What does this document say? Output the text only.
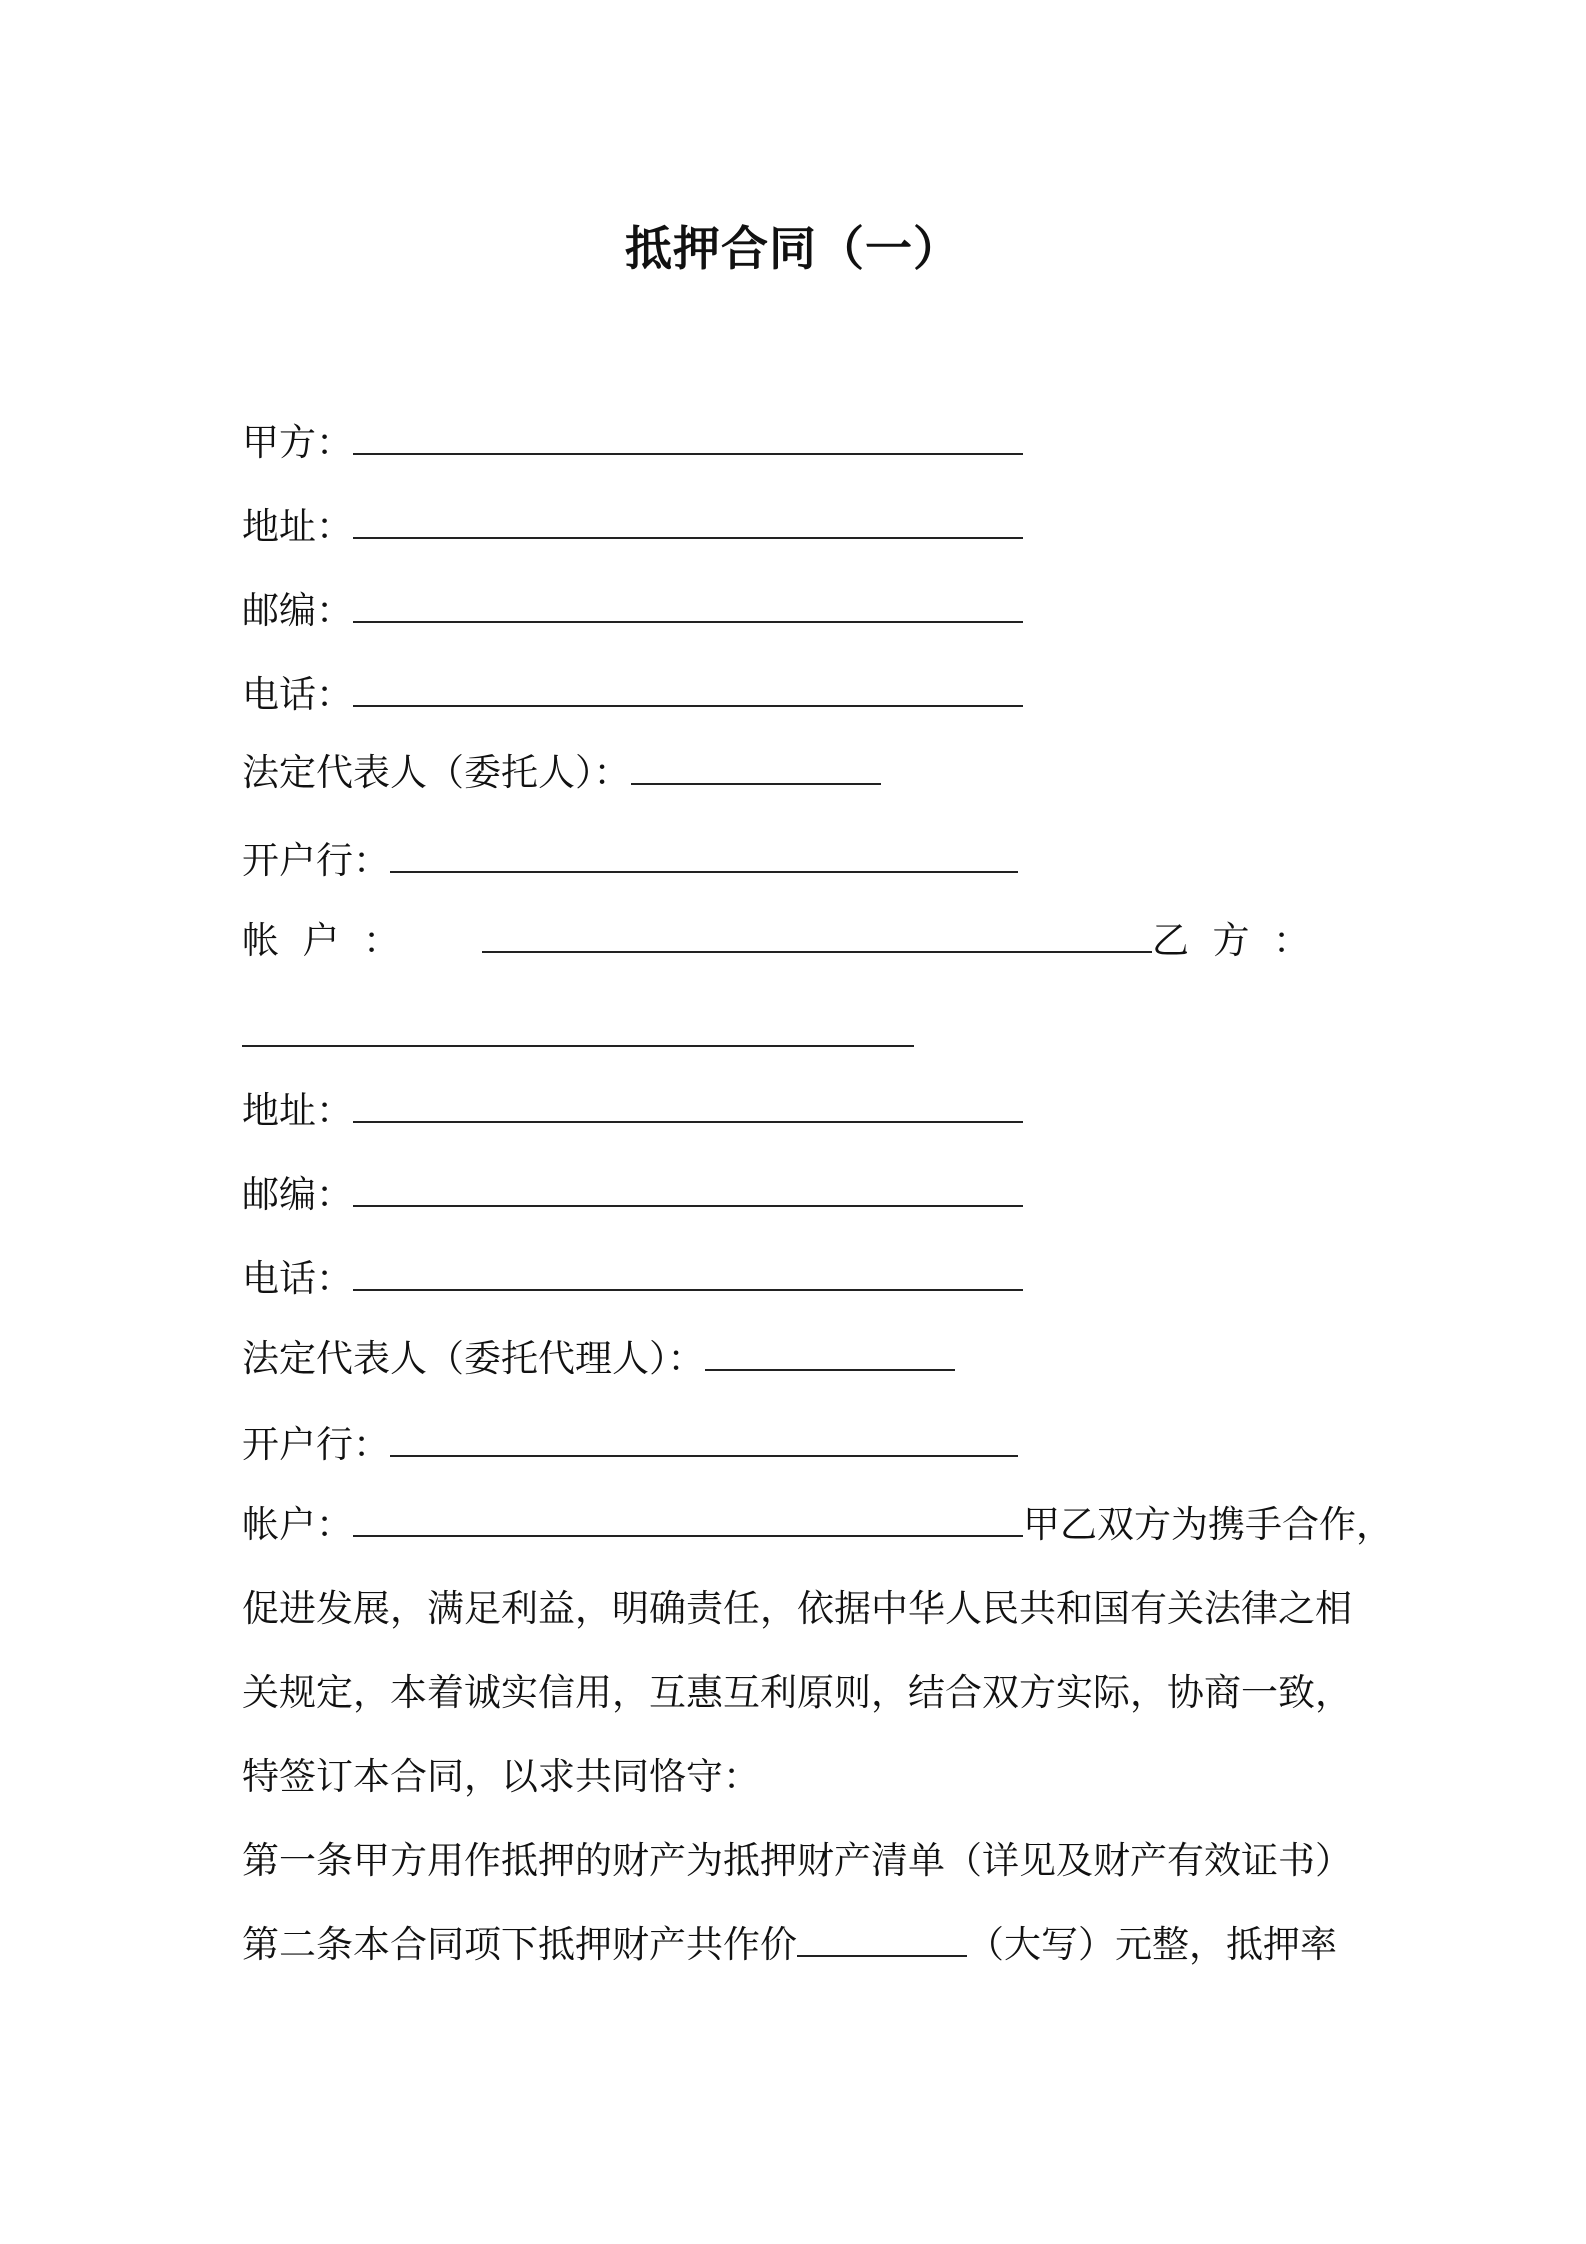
抵押合同（一）
甲方：
地址：
邮编：
电话：
法定代表人（委托人）：
开户行：
帐  户  ：	乙  方  ：
地址：
邮编：
电话：
法定代表人（委托代理人）：
开户行：
帐户：	甲乙双方为携手合作，
促进发展，满足利益，明确责任，依据中华人民共和国有关法律之相
关规定，本着诚实信用，互惠互利原则，结合双方实际，协商一致，
特签订本合同，以求共同恪守：
第一条甲方用作抵押的财产为抵押财产清单（详见及财产有效证书）
第二条本合同项下抵押财产共作价	（大写）元整，抵押率
